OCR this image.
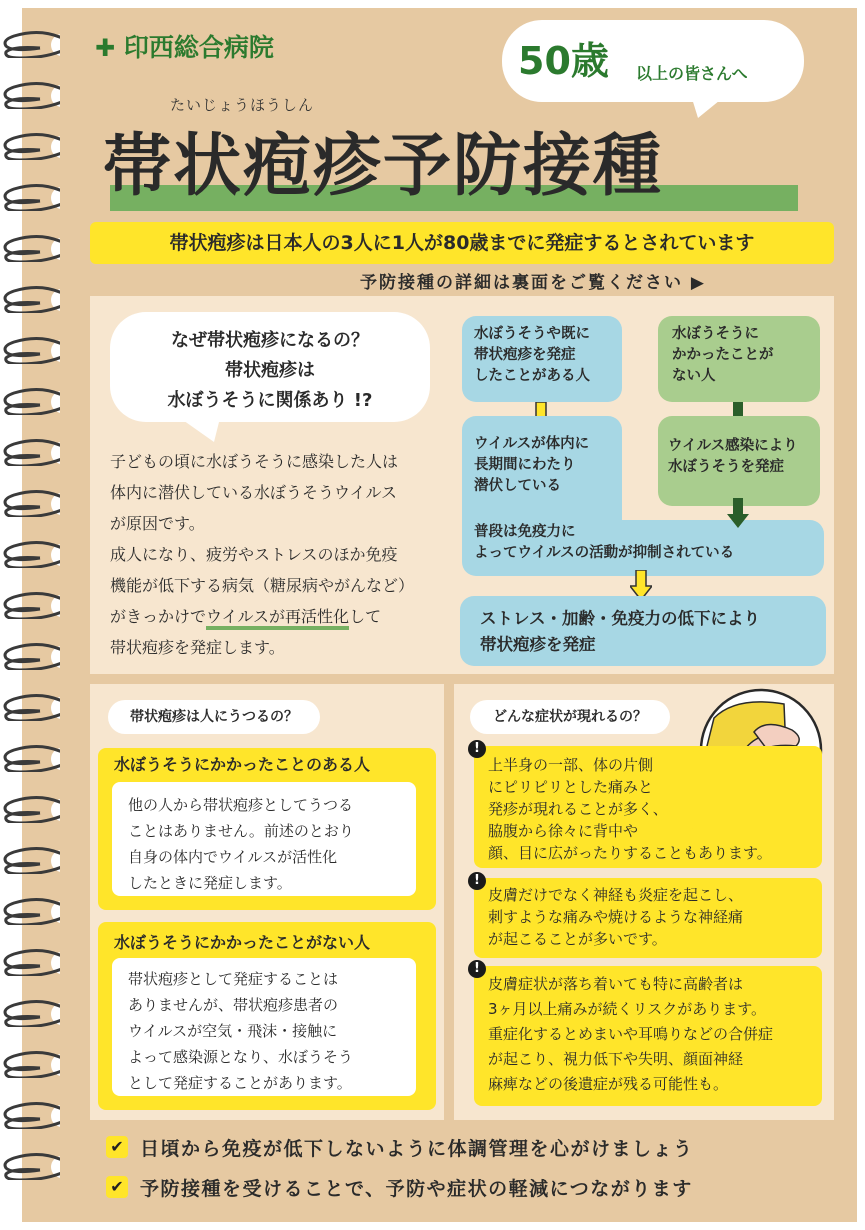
✚ 印西総合病院	50歳 以上の皆さんへ
たいじょうほうしん
帯状疱疹予防接種
帯状疱疹は日本人の3人に1人が80歳までに発症するとされています
予防接種の詳細は裏面をご覧ください ▶
なぜ帯状疱疹になるの？
帯状疱疹は
水ぼうそうに関係あり !?
子どもの頃に水ぼうそうに感染した人は
体内に潜伏している水ぼうそうウイルス
が原因です。
成人になり、疲労やストレスのほか免疫
機能が低下する病気（糖尿病やがんなど）
がきっかけでウイルスが再活性化して
帯状疱疹を発症します。
水ぼうそうや既に
帯状疱疹を発症
したことがある人
水ぼうそうに
かかったことが
ない人
ウイルスが体内に
長期間にわたり
潜伏している
ウイルス感染により
水ぼうそうを発症
普段は免疫力に
よってウイルスの活動が抑制されている
ストレス・加齢・免疫力の低下により
帯状疱疹を発症
帯状疱疹は人にうつるの？
水ぼうそうにかかったことのある人
他の人から帯状疱疹としてうつる
ことはありません。前述のとおり
自身の体内でウイルスが活性化
したときに発症します。
水ぼうそうにかかったことがない人
帯状疱疹として発症することは
ありませんが、帯状疱疹患者の
ウイルスが空気・飛沫・接触に
よって感染源となり、水ぼうそう
として発症することがあります。
どんな症状が現れるの？
!
上半身の一部、体の片側
にピリピリとした痛みと
発疹が現れることが多く、
脇腹から徐々に背中や
顔、目に広がったりすることもあります。
!
皮膚だけでなく神経も炎症を起こし、
刺すような痛みや焼けるような神経痛
が起こることが多いです。
!
皮膚症状が落ち着いても特に高齢者は
3ヶ月以上痛みが続くリスクがあります。
重症化するとめまいや耳鳴りなどの合併症
が起こり、視力低下や失明、顔面神経
麻痺などの後遺症が残る可能性も。
✔ 日頃から免疫が低下しないように体調管理を心がけましょう
✔ 予防接種を受けることで、予防や症状の軽減につながります
